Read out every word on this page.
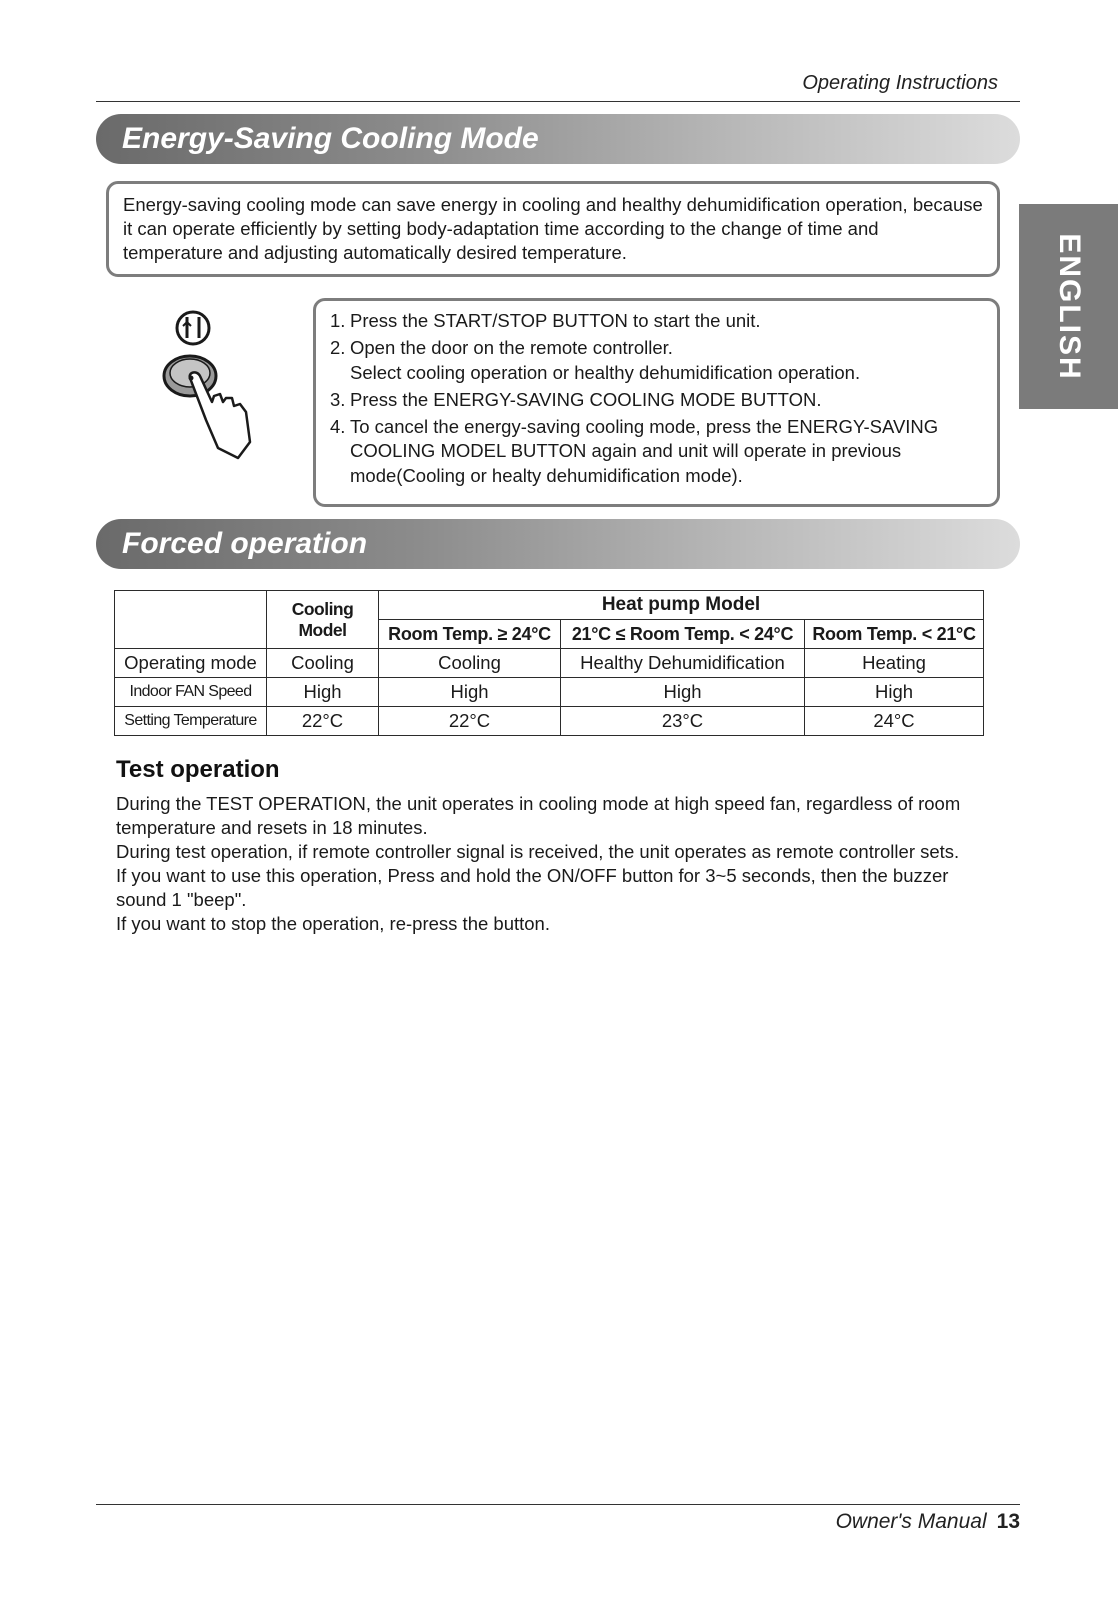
Operating Instructions
ENGLISH
Energy-Saving Cooling Mode
Energy-saving cooling mode can save energy in cooling and healthy dehumidification operation, because it can operate efficiently by setting body-adaptation time according to the change of time and temperature and adjusting automatically desired temperature.
1. Press the START/STOP BUTTON to start the unit.
2. Open the door on the remote controller.
Select cooling operation or healthy dehumidification operation.
3. Press the ENERGY-SAVING COOLING MODE BUTTON.
4. To cancel the energy-saving cooling mode, press the ENERGY-SAVING COOLING MODEL BUTTON again and unit will operate in previous mode(Cooling or healty dehumidification mode).
Forced operation
	Cooling Model	Heat pump Model		
		Room Temp. ≥ 24°C	21°C ≤ Room Temp. < 24°C	Room Temp. < 21°C
Operating mode	Cooling	Cooling	Healthy Dehumidification	Heating
Indoor FAN Speed	High	High	High	High
Setting Temperature	22°C	22°C	23°C	24°C
Test operation

During the TEST OPERATION, the unit operates in cooling mode at high speed fan, regardless of room temperature and resets in 18 minutes.

During test operation, if remote controller signal is received, the unit operates as remote controller sets.

If you want to use this operation, Press and hold the ON/OFF button for 3~5 seconds, then the buzzer sound 1 "beep".

If you want to stop the operation, re-press the button.

Owner's Manual 13
